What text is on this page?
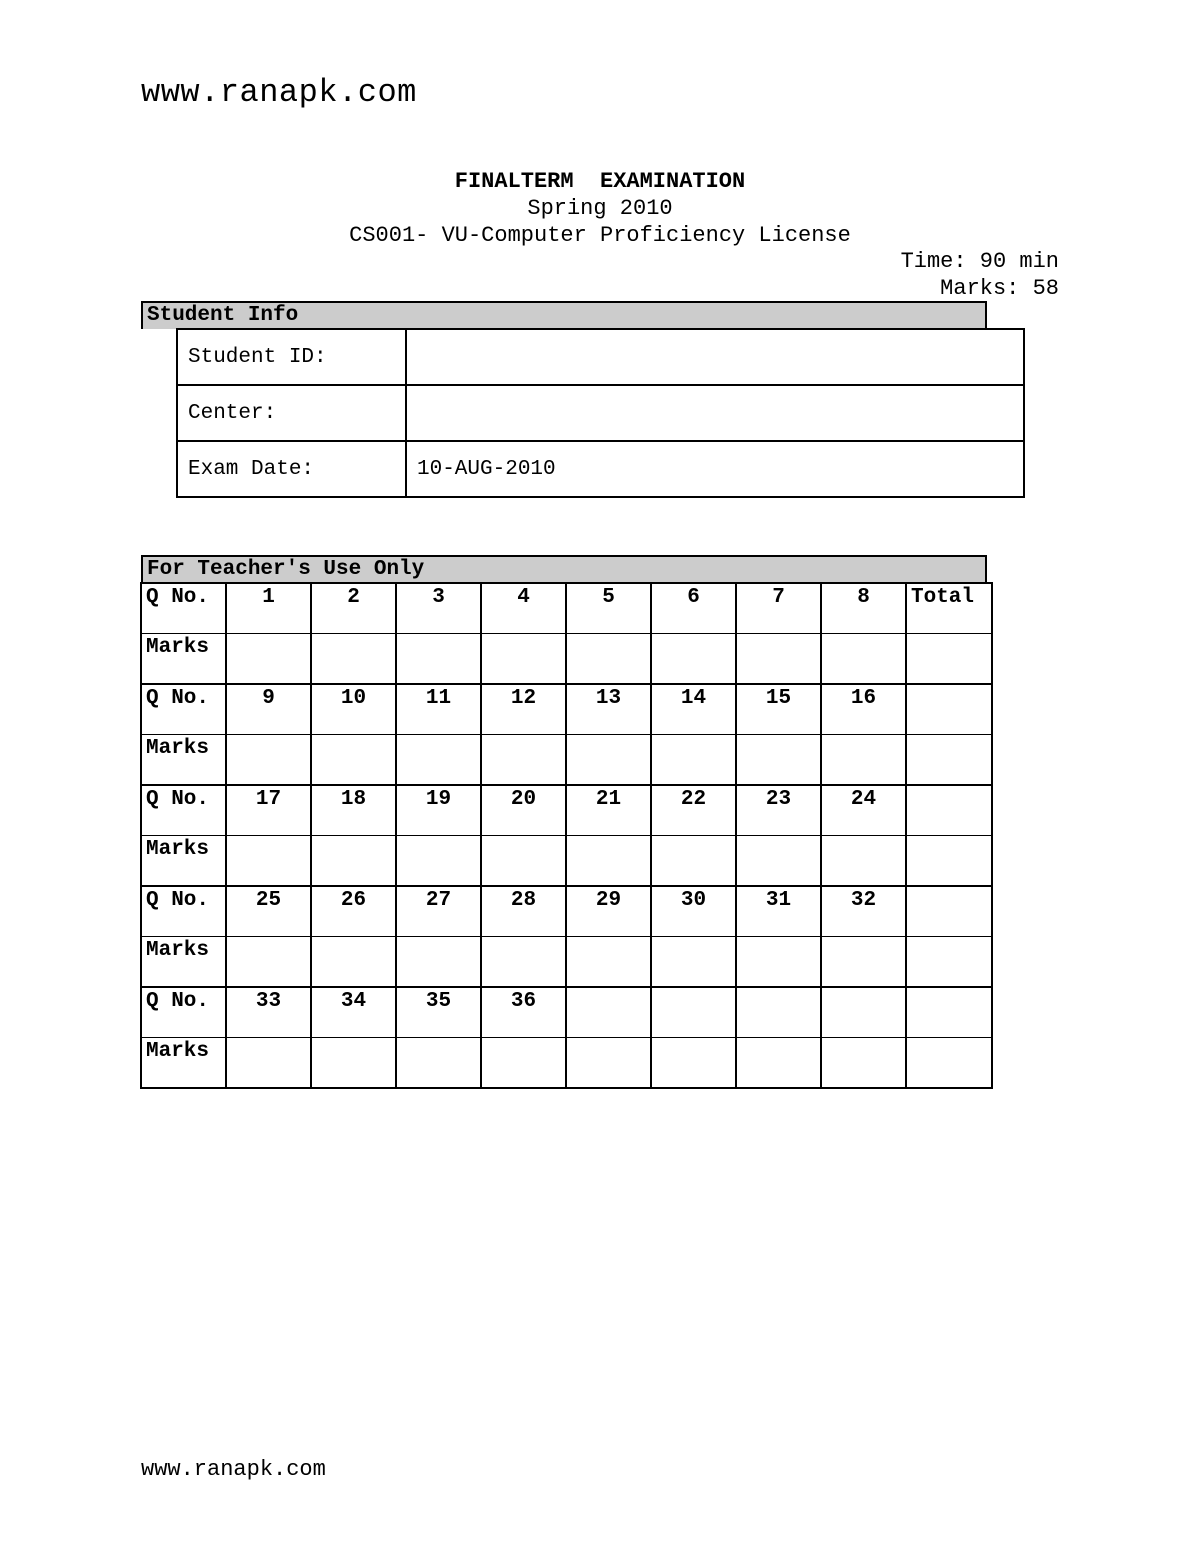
www.ranapk.com
FINALTERM  EXAMINATION
Spring 2010
CS001- VU-Computer Proficiency License
Time: 90 min
Marks: 58
Student Info
Student ID:	
Center:	
Exam Date:	10-AUG-2010
For Teacher's Use Only
Q No.	1	2	3	4	5	6	7	8	Total
Marks									
Q No.	9	10	11	12	13	14	15	16	
Marks									
Q No.	17	18	19	20	21	22	23	24	
Marks									
Q No.	25	26	27	28	29	30	31	32	
Marks									
Q No.	33	34	35	36					
Marks									
www.ranapk.com
